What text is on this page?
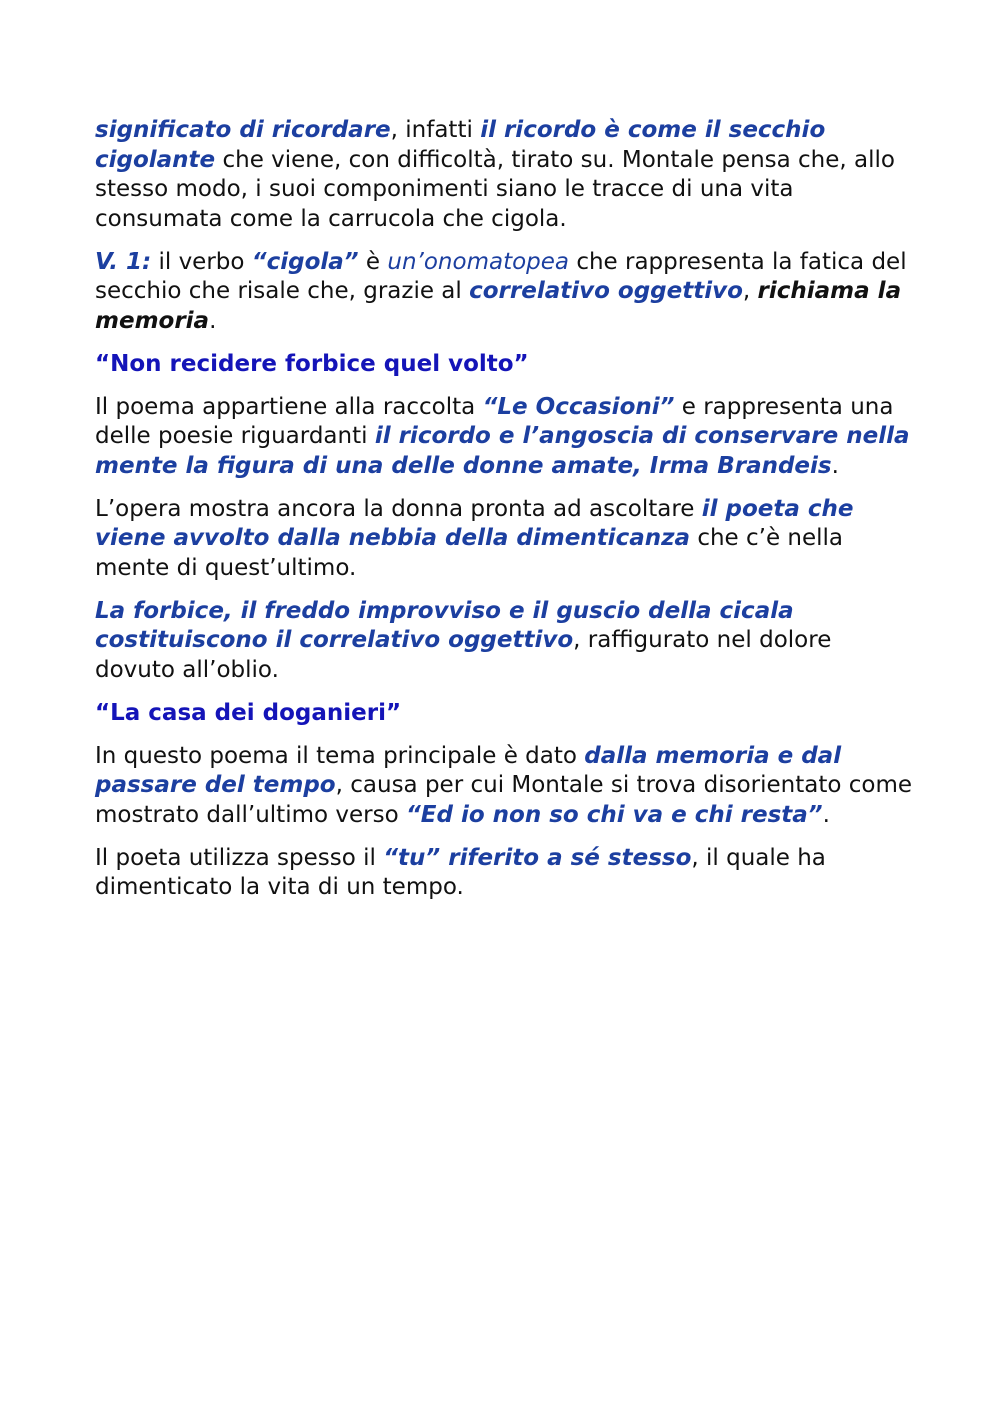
significato di ricordare, infatti il ricordo è come il secchio cigolante che viene, con difficoltà, tirato su. Montale pensa che, allo stesso modo, i suoi componimenti siano le tracce di una vita consumata come la carrucola che cigola.

V. 1: il verbo “cigola” è un’onomatopea che rappresenta la fatica del secchio che risale che, grazie al correlativo oggettivo, richiama la memoria.

“Non recidere forbice quel volto”

Il poema appartiene alla raccolta “Le Occasioni” e rappresenta una delle poesie riguardanti il ricordo e l’angoscia di conservare nella mente la figura di una delle donne amate, Irma Brandeis.

L’opera mostra ancora la donna pronta ad ascoltare il poeta che viene avvolto dalla nebbia della dimenticanza che c’è nella mente di quest’ultimo.

La forbice, il freddo improvviso e il guscio della cicala costituiscono il correlativo oggettivo, raffigurato nel dolore dovuto all’oblio.

“La casa dei doganieri”

In questo poema il tema principale è dato dalla memoria e dal passare del tempo, causa per cui Montale si trova disorientato come mostrato dall’ultimo verso “Ed io non so chi va e chi resta”.

Il poeta utilizza spesso il “tu” riferito a sé stesso, il quale ha dimenticato la vita di un tempo.
